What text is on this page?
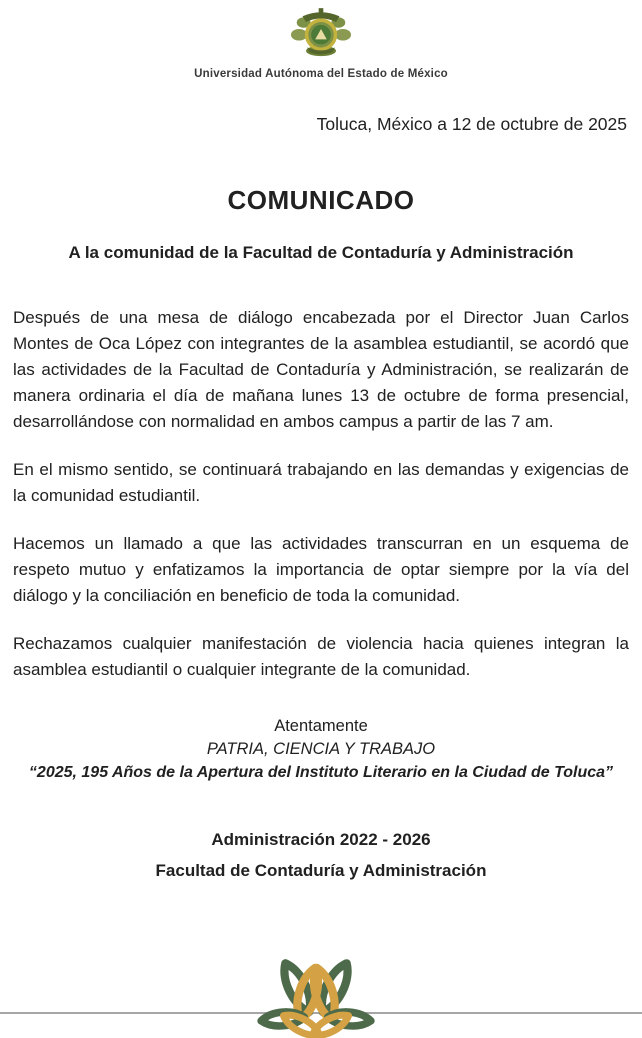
Universidad Autónoma del Estado de México
Toluca, México a 12 de octubre de 2025
COMUNICADO
A la comunidad de la Facultad de Contaduría y Administración

Después de una mesa de diálogo encabezada por el Director Juan Carlos Montes de Oca López con integrantes de la asamblea estudiantil, se acordó que las actividades de la Facultad de Contaduría y Administración, se realizarán de manera ordinaria el día de mañana lunes 13 de octubre de forma presencial, desarrollándose con normalidad en ambos campus a partir de las 7 am.

En el mismo sentido, se continuará trabajando en las demandas y exigencias de la comunidad estudiantil.

Hacemos un llamado a que las actividades transcurran en un esquema de respeto mutuo y enfatizamos la importancia de optar siempre por la vía del diálogo y la conciliación en beneficio de toda la comunidad.

Rechazamos cualquier manifestación de violencia hacia quienes integran la asamblea estudiantil o cualquier integrante de la comunidad.

Atentamente
PATRIA, CIENCIA Y TRABAJO
“2025, 195 Años de la Apertura del Instituto Literario en la Ciudad de Toluca”
Administración 2022 - 2026
Facultad de Contaduría y Administración
